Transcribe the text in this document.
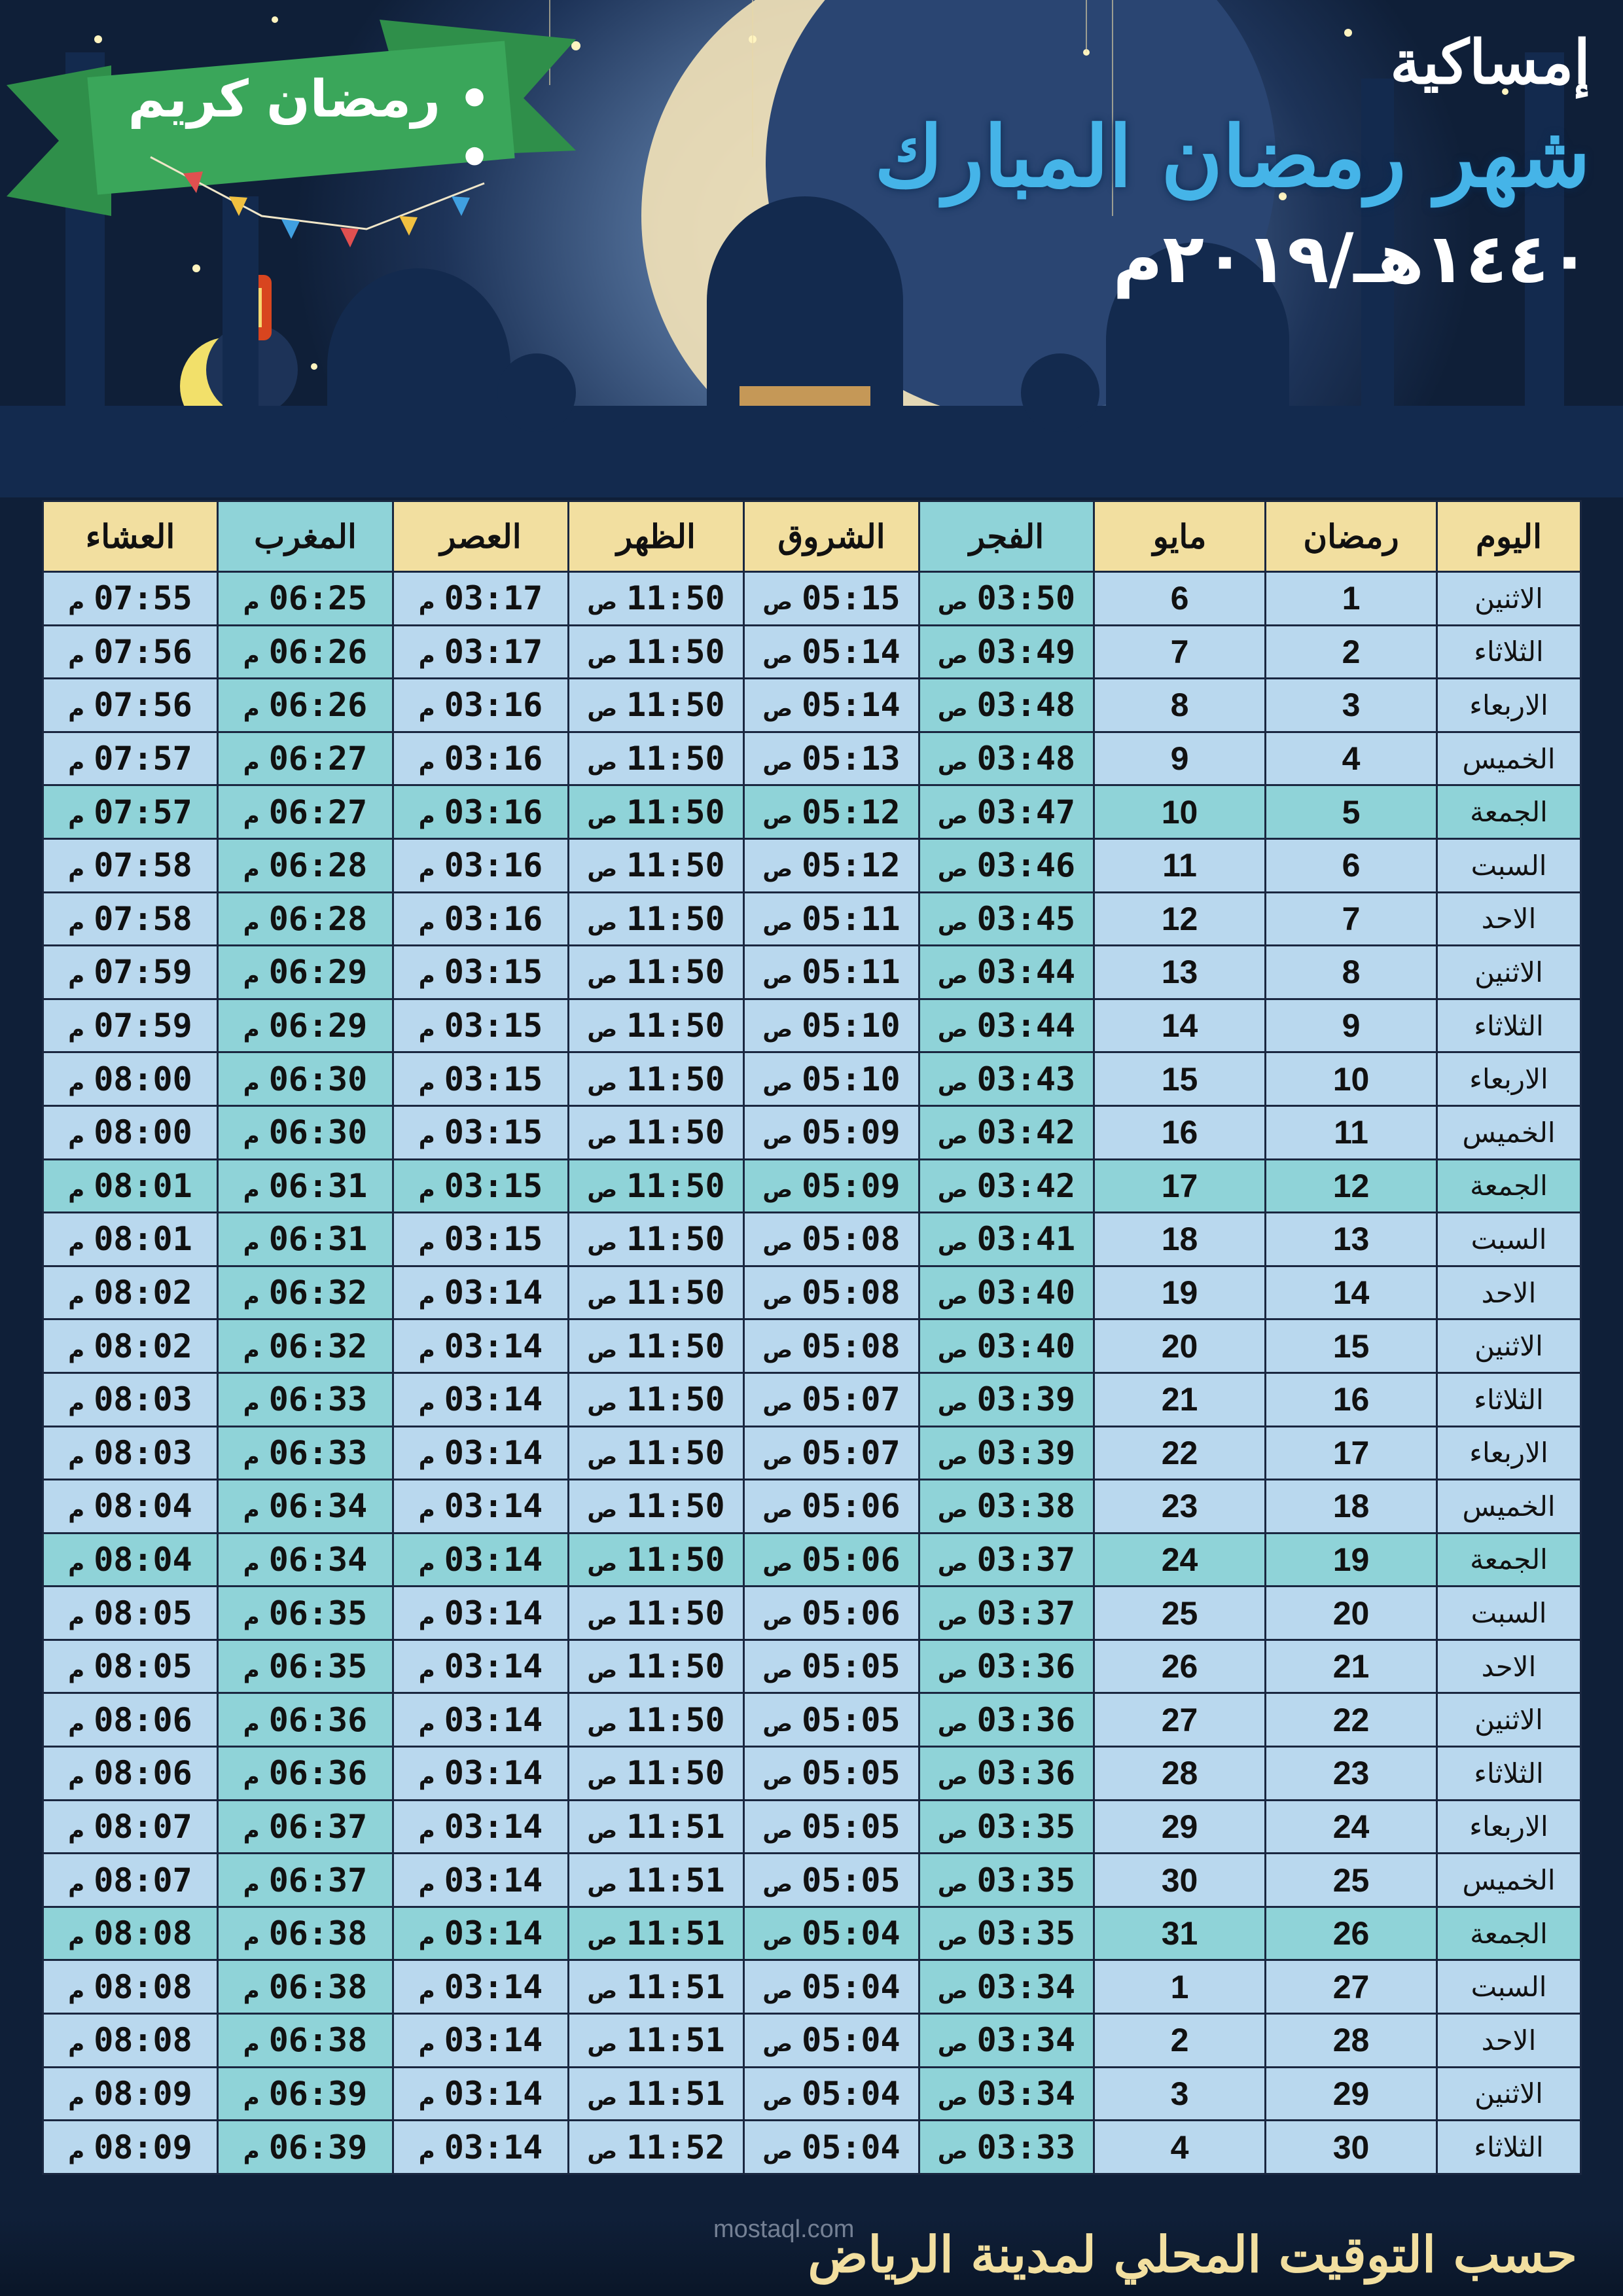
• رمضان كريم •
إمساكية
شهر رمضان المبارك
١٤٤٠هـ/٢٠١٩م
اليوم	رمضان	مايو	الفجر	الشروق	الظهر	العصر	المغرب	العشاء
الاثنين	1	6	03:50ص	05:15ص	11:50ص	03:17م	06:25م	07:55م
الثلاثاء	2	7	03:49ص	05:14ص	11:50ص	03:17م	06:26م	07:56م
الاربعاء	3	8	03:48ص	05:14ص	11:50ص	03:16م	06:26م	07:56م
الخميس	4	9	03:48ص	05:13ص	11:50ص	03:16م	06:27م	07:57م
الجمعة	5	10	03:47ص	05:12ص	11:50ص	03:16م	06:27م	07:57م
السبت	6	11	03:46ص	05:12ص	11:50ص	03:16م	06:28م	07:58م
الاحد	7	12	03:45ص	05:11ص	11:50ص	03:16م	06:28م	07:58م
الاثنين	8	13	03:44ص	05:11ص	11:50ص	03:15م	06:29م	07:59م
الثلاثاء	9	14	03:44ص	05:10ص	11:50ص	03:15م	06:29م	07:59م
الاربعاء	10	15	03:43ص	05:10ص	11:50ص	03:15م	06:30م	08:00م
الخميس	11	16	03:42ص	05:09ص	11:50ص	03:15م	06:30م	08:00م
الجمعة	12	17	03:42ص	05:09ص	11:50ص	03:15م	06:31م	08:01م
السبت	13	18	03:41ص	05:08ص	11:50ص	03:15م	06:31م	08:01م
الاحد	14	19	03:40ص	05:08ص	11:50ص	03:14م	06:32م	08:02م
الاثنين	15	20	03:40ص	05:08ص	11:50ص	03:14م	06:32م	08:02م
الثلاثاء	16	21	03:39ص	05:07ص	11:50ص	03:14م	06:33م	08:03م
الاربعاء	17	22	03:39ص	05:07ص	11:50ص	03:14م	06:33م	08:03م
الخميس	18	23	03:38ص	05:06ص	11:50ص	03:14م	06:34م	08:04م
الجمعة	19	24	03:37ص	05:06ص	11:50ص	03:14م	06:34م	08:04م
السبت	20	25	03:37ص	05:06ص	11:50ص	03:14م	06:35م	08:05م
الاحد	21	26	03:36ص	05:05ص	11:50ص	03:14م	06:35م	08:05م
الاثنين	22	27	03:36ص	05:05ص	11:50ص	03:14م	06:36م	08:06م
الثلاثاء	23	28	03:36ص	05:05ص	11:50ص	03:14م	06:36م	08:06م
الاربعاء	24	29	03:35ص	05:05ص	11:51ص	03:14م	06:37م	08:07م
الخميس	25	30	03:35ص	05:05ص	11:51ص	03:14م	06:37م	08:07م
الجمعة	26	31	03:35ص	05:04ص	11:51ص	03:14م	06:38م	08:08م
السبت	27	1	03:34ص	05:04ص	11:51ص	03:14م	06:38م	08:08م
الاحد	28	2	03:34ص	05:04ص	11:51ص	03:14م	06:38م	08:08م
الاثنين	29	3	03:34ص	05:04ص	11:51ص	03:14م	06:39م	08:09م
الثلاثاء	30	4	03:33ص	05:04ص	11:52ص	03:14م	06:39م	08:09م
mostaql.com
حسب التوقيت المحلي لمدينة الرياض
